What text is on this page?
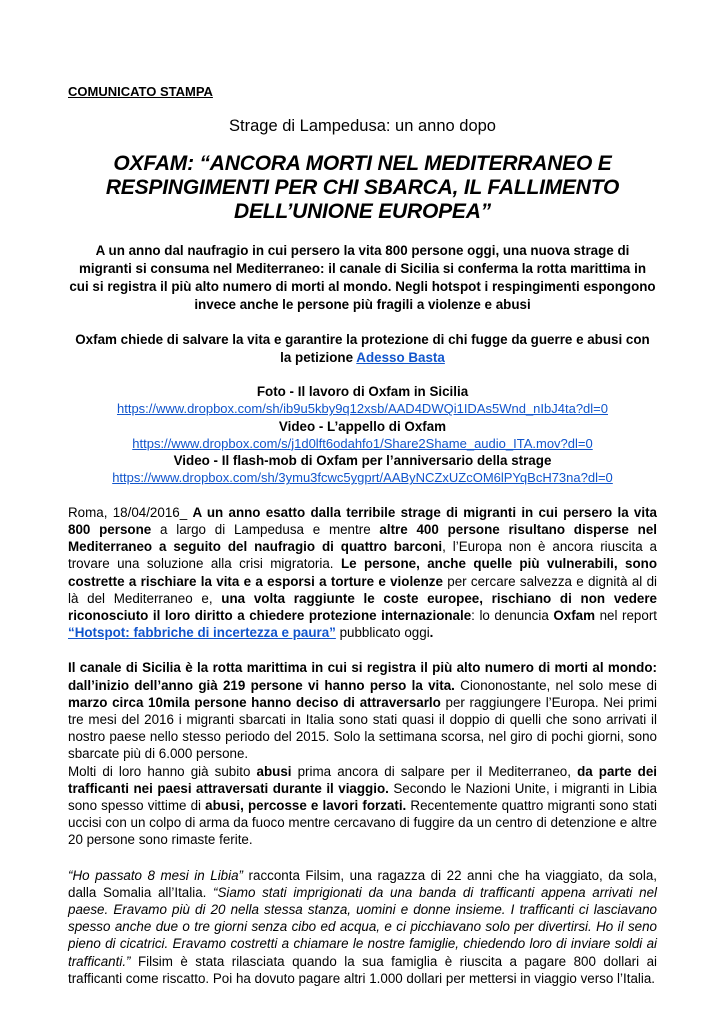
COMUNICATO STAMPA

Strage di Lampedusa: un anno dopo

OXFAM: “ANCORA MORTI NEL MEDITERRANEO E RESPINGIMENTI PER CHI SBARCA, IL FALLIMENTO DELL’UNIONE EUROPEA”

A un anno dal naufragio in cui persero la vita 800 persone oggi, una nuova strage di migranti si consuma nel Mediterraneo: il canale di Sicilia si conferma la rotta marittima in cui si registra il più alto numero di morti al mondo. Negli hotspot i respingimenti espongono invece anche le persone più fragili a violenze e abusi

Oxfam chiede di salvare la vita e garantire la protezione di chi fugge da guerre e abusi con la petizione Adesso Basta

Foto - Il lavoro di Oxfam in Sicilia
https://www.dropbox.com/sh/ib9u5kby9q12xsb/AAD4DWQi1IDAs5Wnd_nIbJ4ta?dl=0
Video - L’appello di Oxfam
https://www.dropbox.com/s/j1d0lft6odahfo1/Share2Shame_audio_ITA.mov?dl=0
Video - Il flash-mob di Oxfam per l’anniversario della strage
https://www.dropbox.com/sh/3ymu3fcwc5ygprt/AAByNCZxUZcOM6lPYqBcH73na?dl=0

Roma, 18/04/2016_ A un anno esatto dalla terribile strage di migranti in cui persero la vita 800 persone a largo di Lampedusa e mentre altre 400 persone risultano disperse nel Mediterraneo a seguito del naufragio di quattro barconi, l’Europa non è ancora riuscita a trovare una soluzione alla crisi migratoria. Le persone, anche quelle più vulnerabili, sono costrette a rischiare la vita e a esporsi a torture e violenze per cercare salvezza e dignità al di là del Mediterraneo e, una volta raggiunte le coste europee, rischiano di non vedere riconosciuto il loro diritto a chiedere protezione internazionale: lo denuncia Oxfam nel report “Hotspot: fabbriche di incertezza e paura” pubblicato oggi.

Il canale di Sicilia è la rotta marittima in cui si registra il più alto numero di morti al mondo: dall’inizio dell’anno già 219 persone vi hanno perso la vita. Ciononostante, nel solo mese di marzo circa 10mila persone hanno deciso di attraversarlo per raggiungere l’Europa. Nei primi tre mesi del 2016 i migranti sbarcati in Italia sono stati quasi il doppio di quelli che sono arrivati il nostro paese nello stesso periodo del 2015. Solo la settimana scorsa, nel giro di pochi giorni, sono sbarcate più di 6.000 persone.

Molti di loro hanno già subito abusi prima ancora di salpare per il Mediterraneo, da parte dei trafficanti nei paesi attraversati durante il viaggio. Secondo le Nazioni Unite, i migranti in Libia sono spesso vittime di abusi, percosse e lavori forzati. Recentemente quattro migranti sono stati uccisi con un colpo di arma da fuoco mentre cercavano di fuggire da un centro di detenzione e altre 20 persone sono rimaste ferite.

“Ho passato 8 mesi in Libia” racconta Filsim, una ragazza di 22 anni che ha viaggiato, da sola, dalla Somalia all’Italia. “Siamo stati imprigionati da una banda di trafficanti appena arrivati nel paese. Eravamo più di 20 nella stessa stanza, uomini e donne insieme. I trafficanti ci lasciavano spesso anche due o tre giorni senza cibo ed acqua, e ci picchiavano solo per divertirsi. Ho il seno pieno di cicatrici. Eravamo costretti a chiamare le nostre famiglie, chiedendo loro di inviare soldi ai trafficanti.” Filsim è stata rilasciata quando la sua famiglia è riuscita a pagare 800 dollari ai trafficanti come riscatto. Poi ha dovuto pagare altri 1.000 dollari per mettersi in viaggio verso l’Italia.
